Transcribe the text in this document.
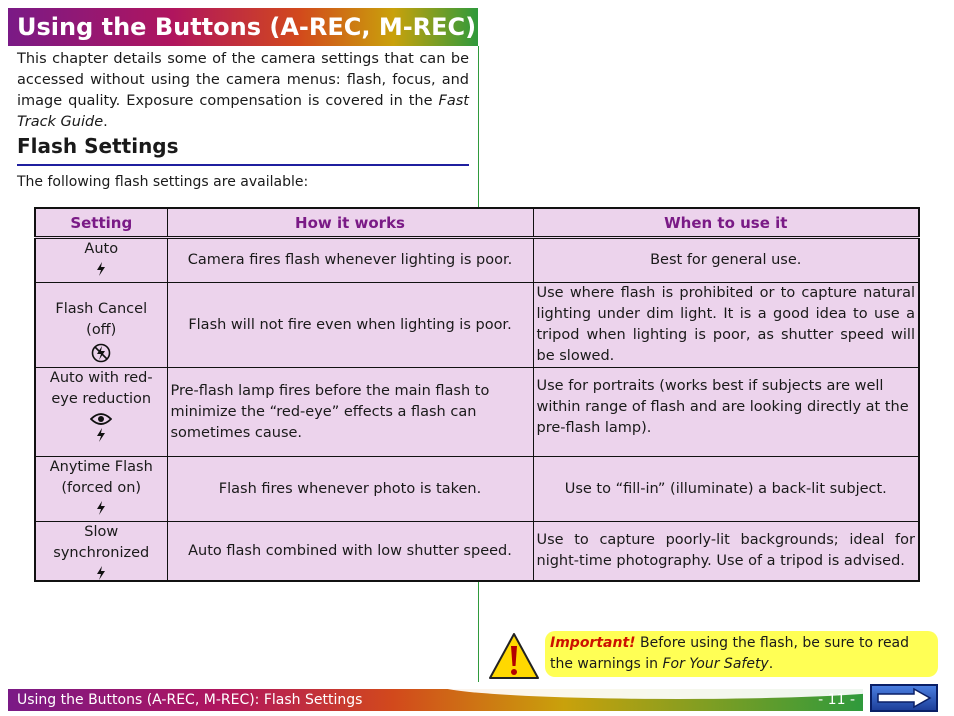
Using the Buttons (A-REC, M-REC)
This chapter details some of the camera settings that can be accessed without using the camera menus: flash, focus, and image quality. Exposure compensation is covered in the Fast Track Guide.
Flash Settings
The following flash settings are available:
Setting	How it works	When to use it

Auto	Camera fires flash whenever lighting is poor.	Best for general use.

Flash Cancel (off)	Flash will not fire even when lighting is poor.	Use where flash is prohibited or to capture natural lighting under dim light. It is a good idea to use a tripod when lighting is poor, as shutter speed will be slowed.

Auto with red-eye reduction	Pre-flash lamp fires before the main flash to minimize the “red-eye” effects a flash can sometimes cause.	Use for portraits (works best if subjects are well within range of flash and are looking directly at the pre-flash lamp).

Anytime Flash (forced on)	Flash fires whenever photo is taken.	Use to “fill-in” (illuminate) a back-lit subject.

Slow synchronized	Auto flash combined with low shutter speed.	Use to capture poorly-lit backgrounds; ideal for night-time photography. Use of a tripod is advised.
Important! Before using the flash, be sure to read the warnings in For Your Safety.
Using the Buttons (A-REC, M-REC): Flash Settings	- 11 -
